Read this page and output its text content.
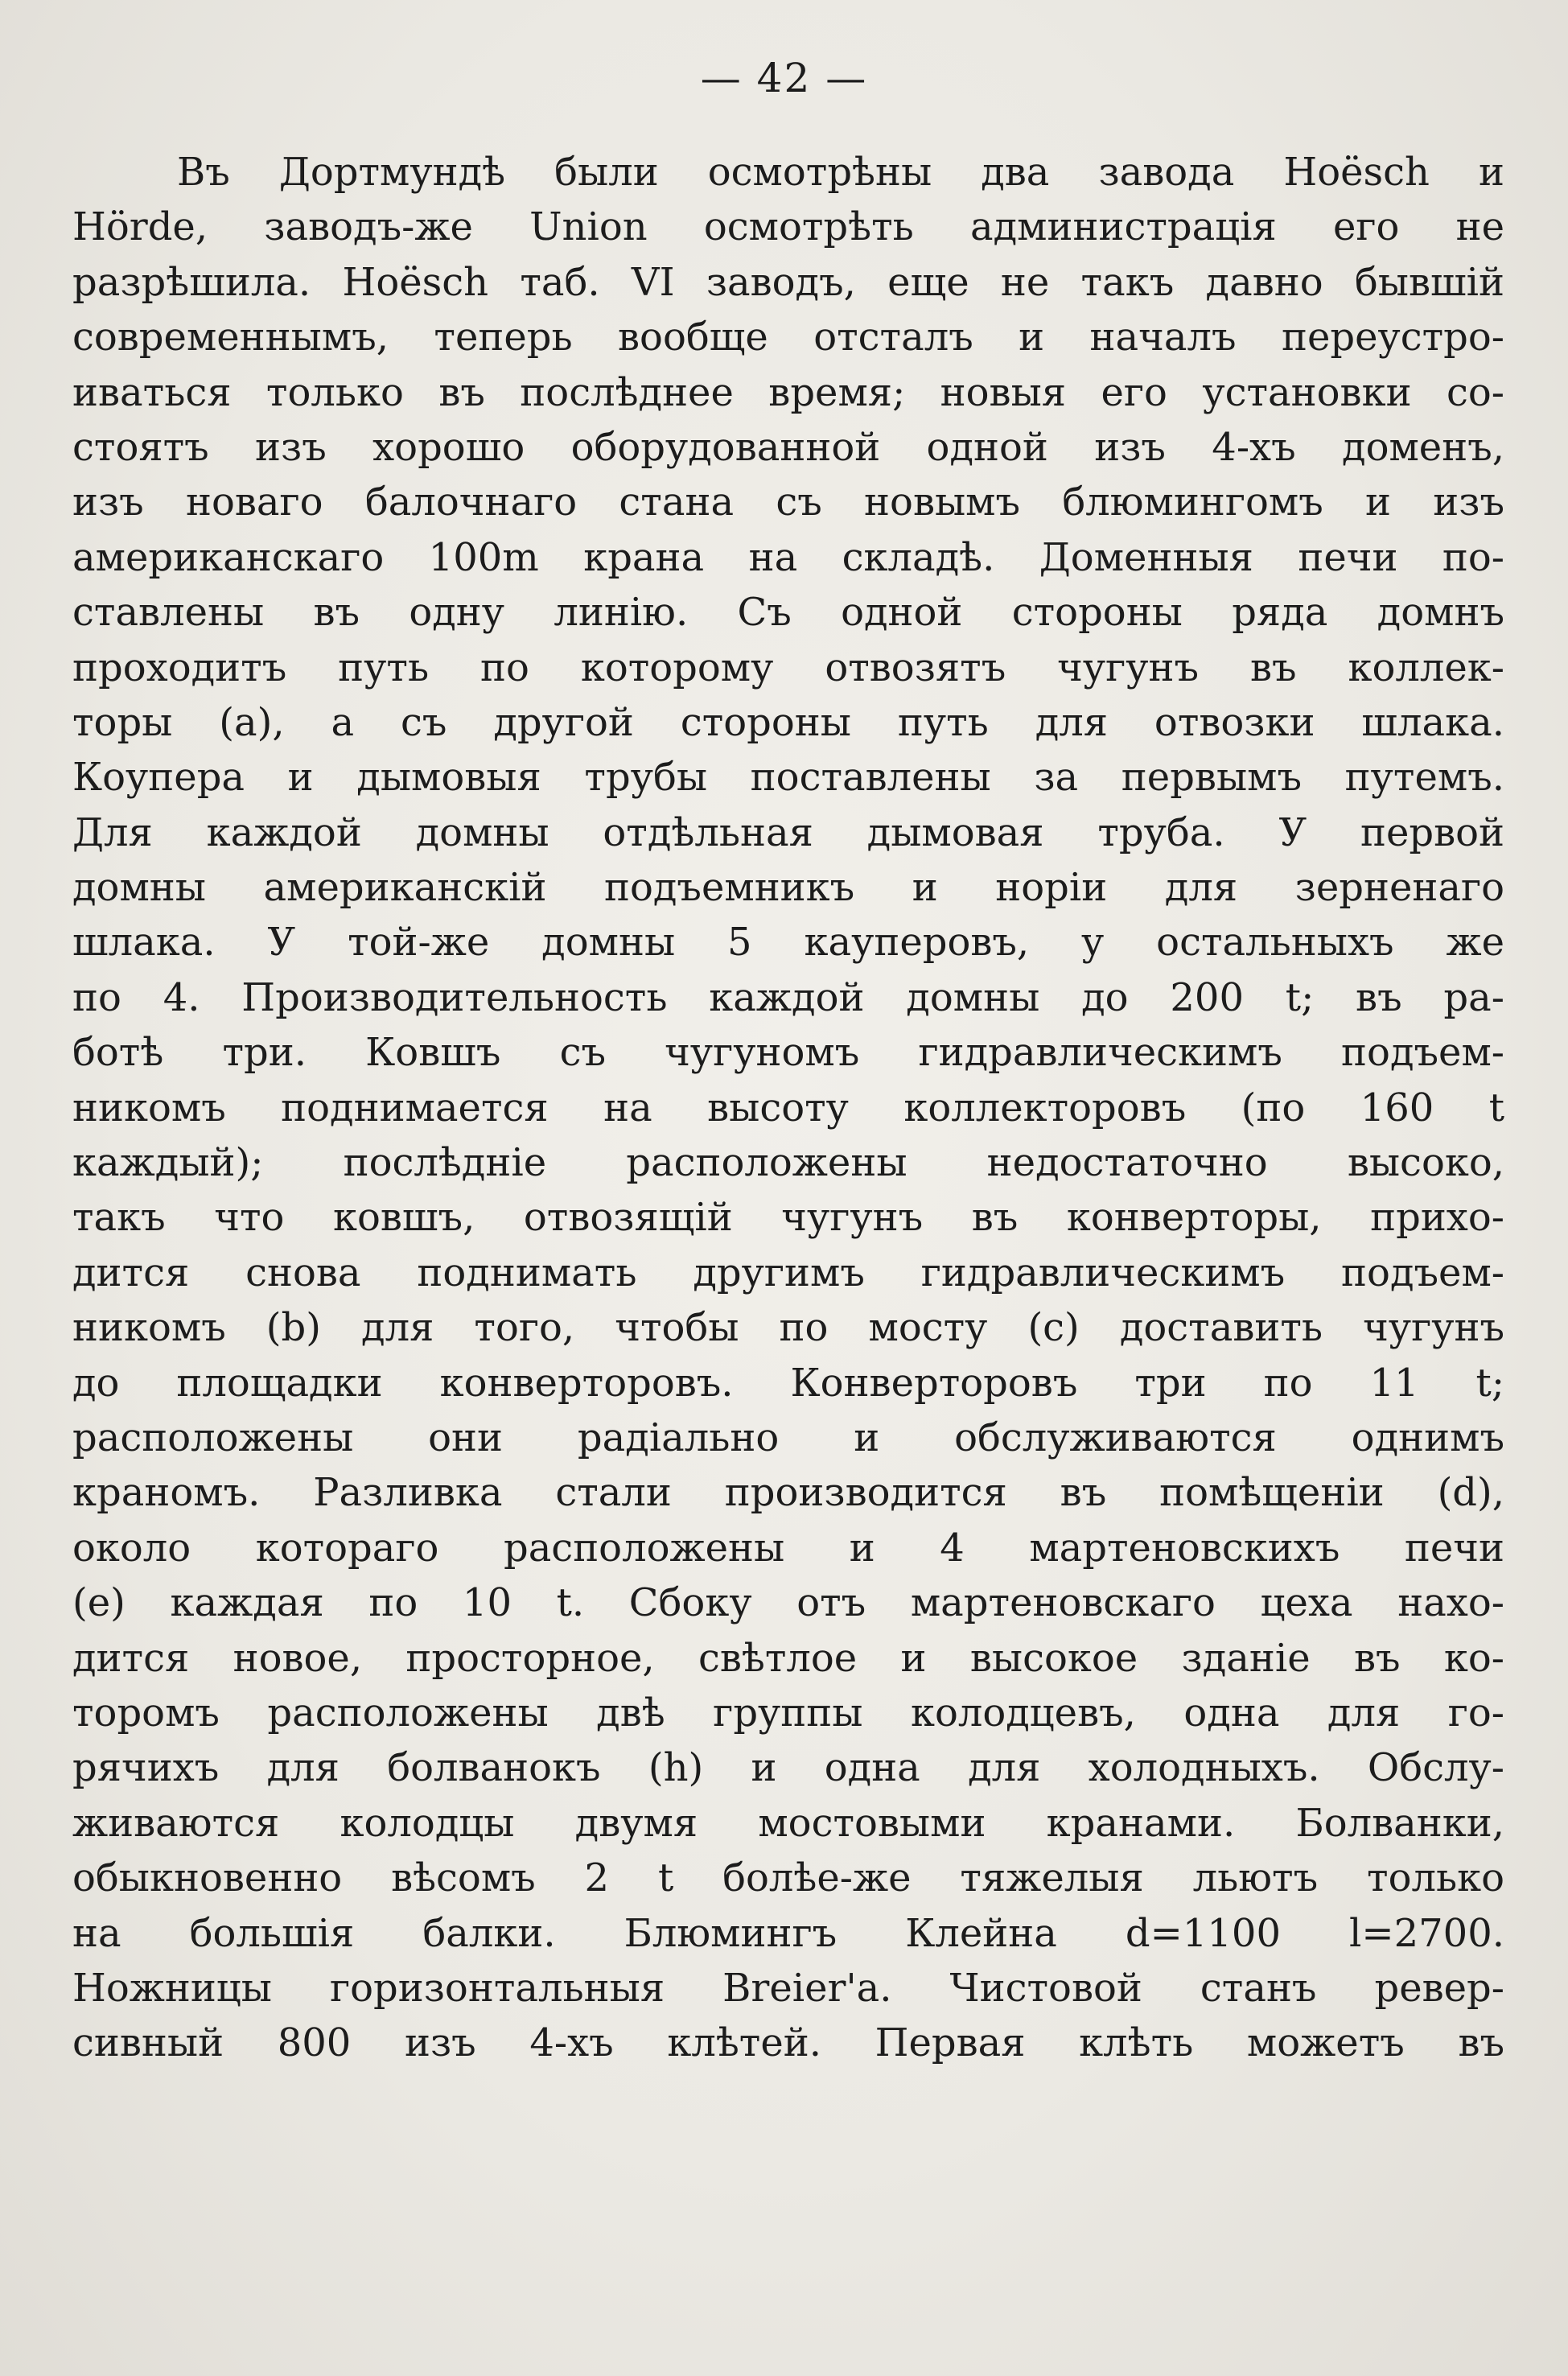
— 42 —
Въ Дортмундѣ были осмотрѣны два завода Hoësch и
Hörde, заводъ-же Union осмотрѣть администрація его не
разрѣшила. Hoësch таб. VI заводъ, еще не такъ давно бывшій
современнымъ, теперь вообще отсталъ и началъ переустро-
иваться только въ послѣднее время; новыя его установки со-
стоятъ изъ хорошо оборудованной одной изъ 4-хъ доменъ,
изъ новаго балочнаго стана съ новымъ блюмингомъ и изъ
американскаго 100m крана на складѣ. Доменныя печи по-
ставлены въ одну линію. Съ одной стороны ряда домнъ
проходитъ путь по которому отвозятъ чугунъ въ коллек-
торы (а), а съ другой стороны путь для отвозки шлака.
Коупера и дымовыя трубы поставлены за первымъ путемъ.
Для каждой домны отдѣльная дымовая труба. У первой
домны американскій подъемникъ и норіи для зерненаго
шлака. У той-же домны 5 кауперовъ, у остальныхъ же
по 4. Производительность каждой домны до 200 t; въ ра-
ботѣ три. Ковшъ съ чугуномъ гидравлическимъ подъем-
никомъ поднимается на высоту коллекторовъ (по 160 t
каждый); послѣдніе расположены недостаточно высоко,
такъ что ковшъ, отвозящій чугунъ въ конверторы, прихо-
дится снова поднимать другимъ гидравлическимъ подъем-
никомъ (b) для того, чтобы по мосту (c) доставить чугунъ
до площадки конверторовъ. Конверторовъ три по 11 t;
расположены они радіально и обслуживаются однимъ
краномъ. Разливка стали производится въ помѣщеніи (d),
около котораго расположены и 4 мартеновскихъ печи
(e) каждая по 10 t. Сбоку отъ мартеновскаго цеха нахо-
дится новое, просторное, свѣтлое и высокое зданіе въ ко-
торомъ расположены двѣ группы колодцевъ, одна для го-
рячихъ для болванокъ (h) и одна для холодныхъ. Обслу-
живаются колодцы двумя мостовыми кранами. Болванки,
обыкновенно вѣсомъ 2 t болѣе-же тяжелыя льютъ только
на большія балки. Блюмингъ Клейна d=1100 l=2700.
Ножницы горизонтальныя Breier'а. Чистовой станъ ревер-
сивный 800 изъ 4-хъ клѣтей. Первая клѣть можетъ въ
